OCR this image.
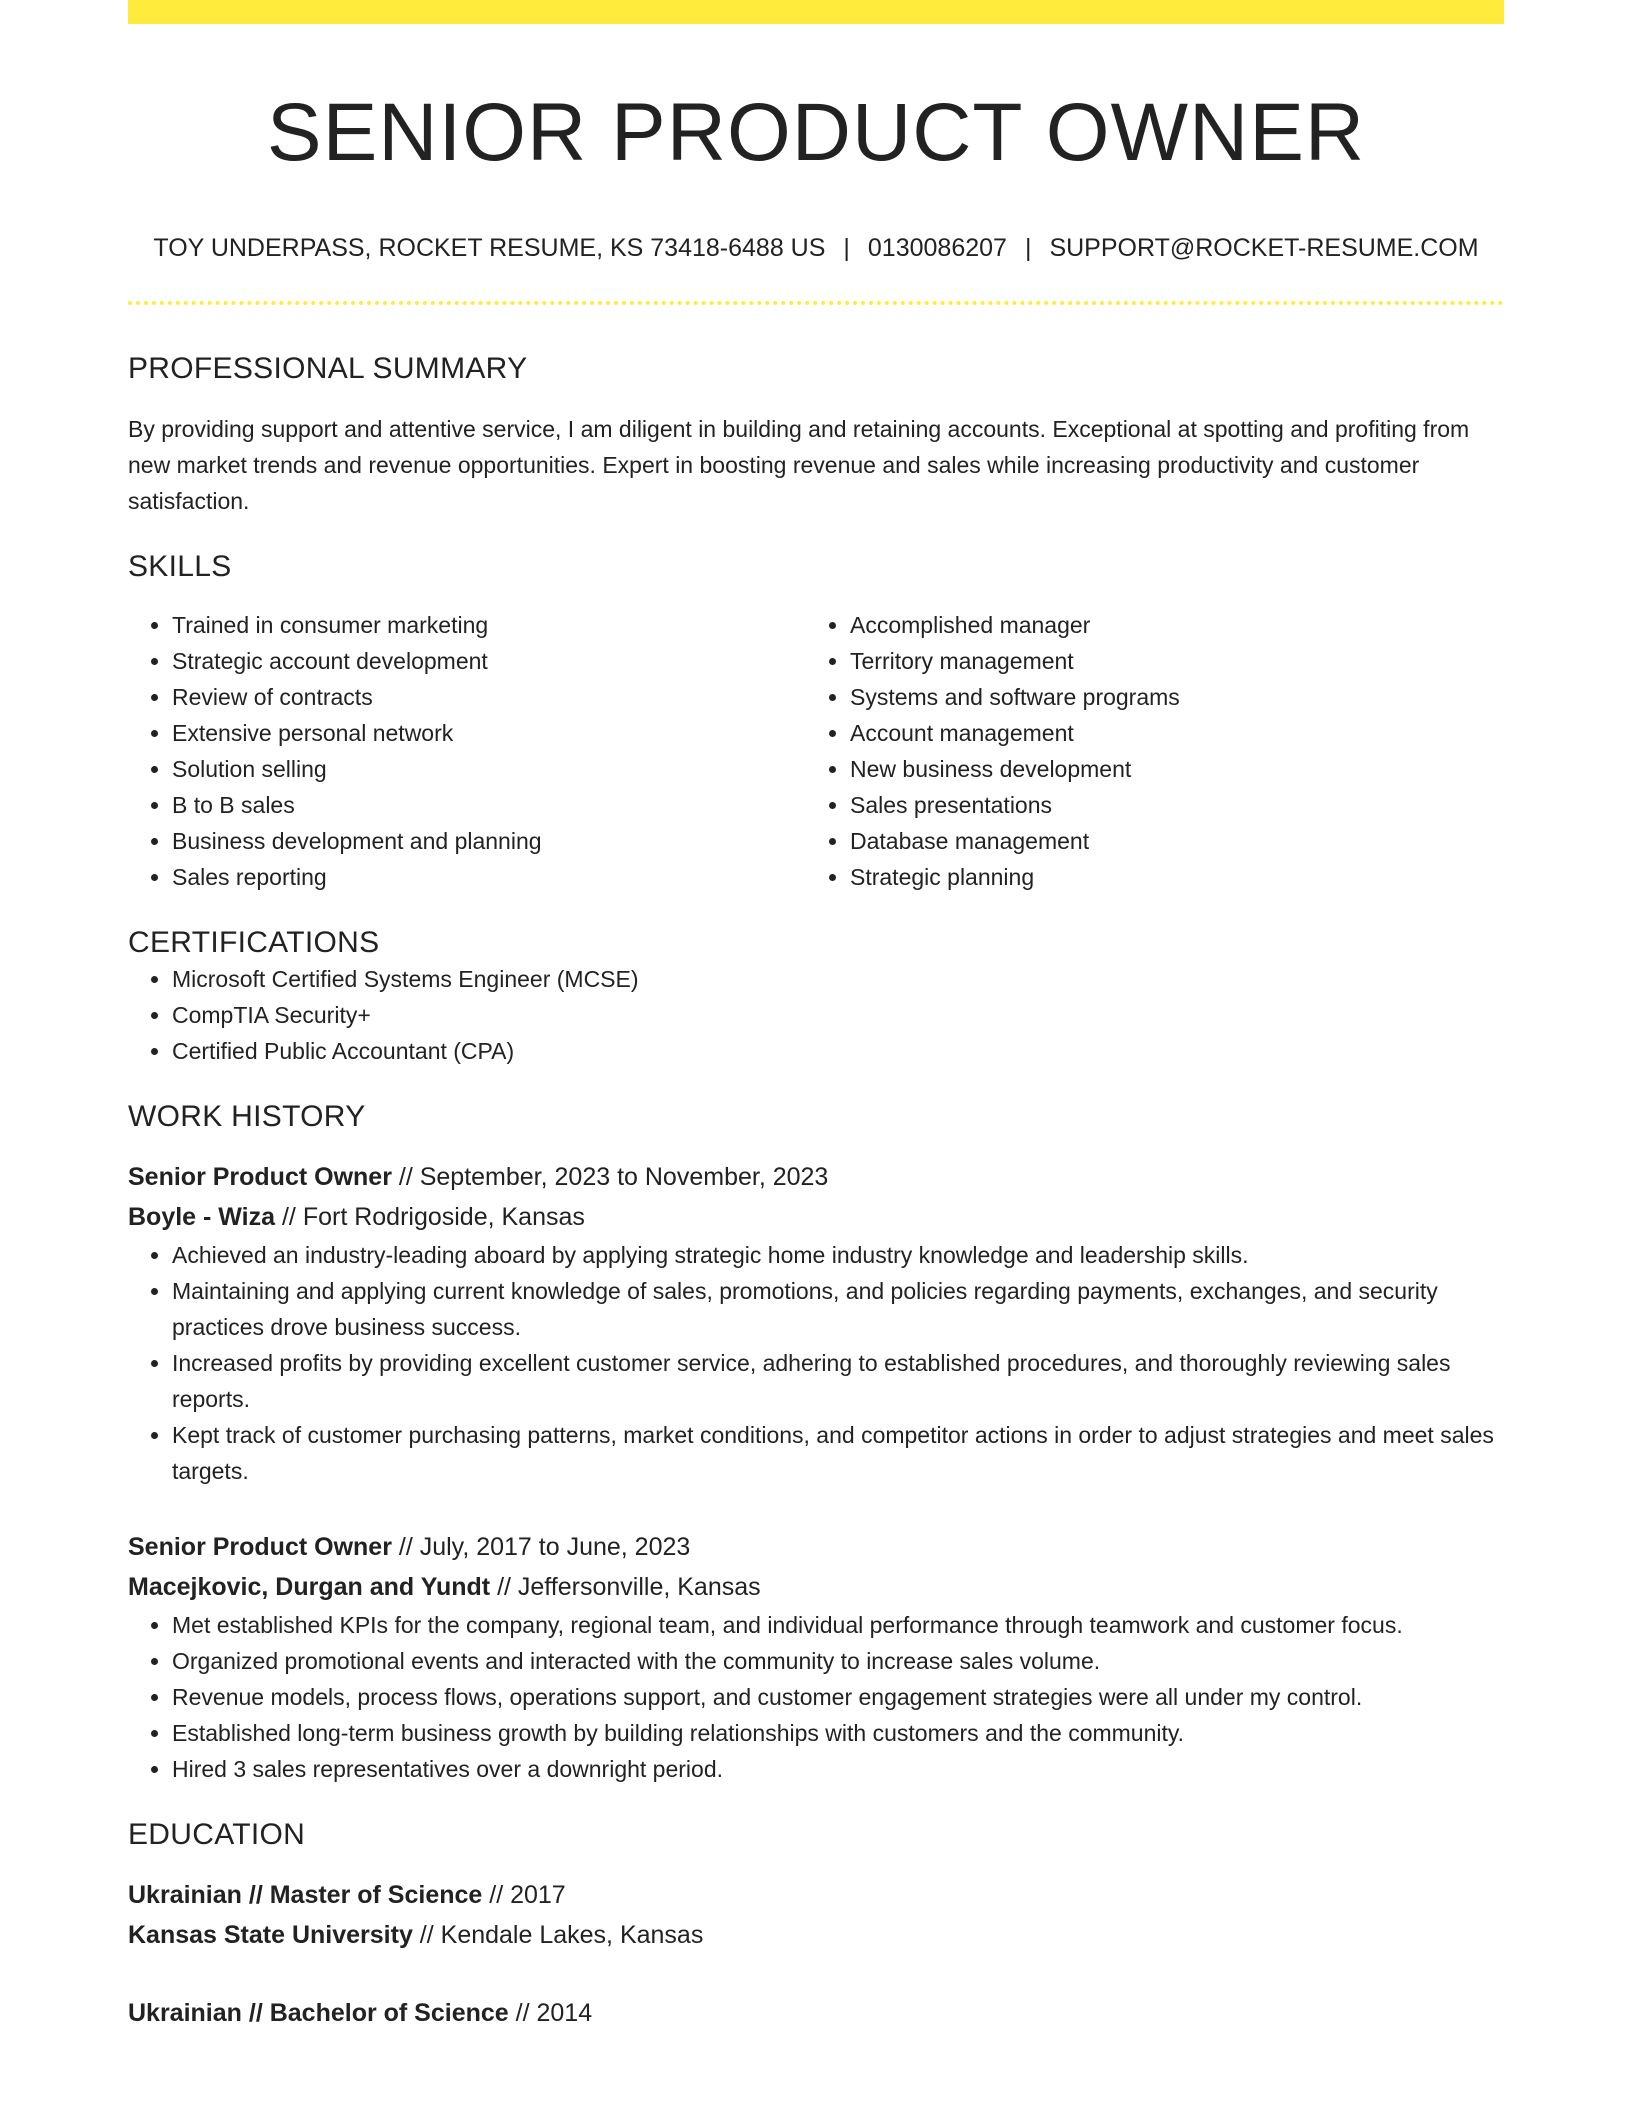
SENIOR PRODUCT OWNER
TOY UNDERPASS, ROCKET RESUME, KS 73418-6488 US | 0130086207 | SUPPORT@ROCKET-RESUME.COM
PROFESSIONAL SUMMARY

By providing support and attentive service, I am diligent in building and retaining accounts. Exceptional at spotting and profiting from new market trends and revenue opportunities. Expert in boosting revenue and sales while increasing productivity and customer satisfaction.

SKILLS
• Trained in consumer marketing
• Strategic account development
• Review of contracts
• Extensive personal network
• Solution selling
• B to B sales
• Business development and planning
• Sales reporting
• Accomplished manager
• Territory management
• Systems and software programs
• Account management
• New business development
• Sales presentations
• Database management
• Strategic planning
CERTIFICATIONS
• Microsoft Certified Systems Engineer (MCSE)
• CompTIA Security+
• Certified Public Accountant (CPA)
WORK HISTORY
Senior Product Owner // September, 2023 to November, 2023
Boyle - Wiza // Fort Rodrigoside, Kansas
• Achieved an industry-leading aboard by applying strategic home industry knowledge and leadership skills.
• Maintaining and applying current knowledge of sales, promotions, and policies regarding payments, exchanges, and security practices drove business success.
• Increased profits by providing excellent customer service, adhering to established procedures, and thoroughly reviewing sales reports.
• Kept track of customer purchasing patterns, market conditions, and competitor actions in order to adjust strategies and meet sales targets.
Senior Product Owner // July, 2017 to June, 2023
Macejkovic, Durgan and Yundt // Jeffersonville, Kansas
• Met established KPIs for the company, regional team, and individual performance through teamwork and customer focus.
• Organized promotional events and interacted with the community to increase sales volume.
• Revenue models, process flows, operations support, and customer engagement strategies were all under my control.
• Established long-term business growth by building relationships with customers and the community.
• Hired 3 sales representatives over a downright period.
EDUCATION
Ukrainian // Master of Science // 2017
Kansas State University // Kendale Lakes, Kansas
Ukrainian // Bachelor of Science // 2014
